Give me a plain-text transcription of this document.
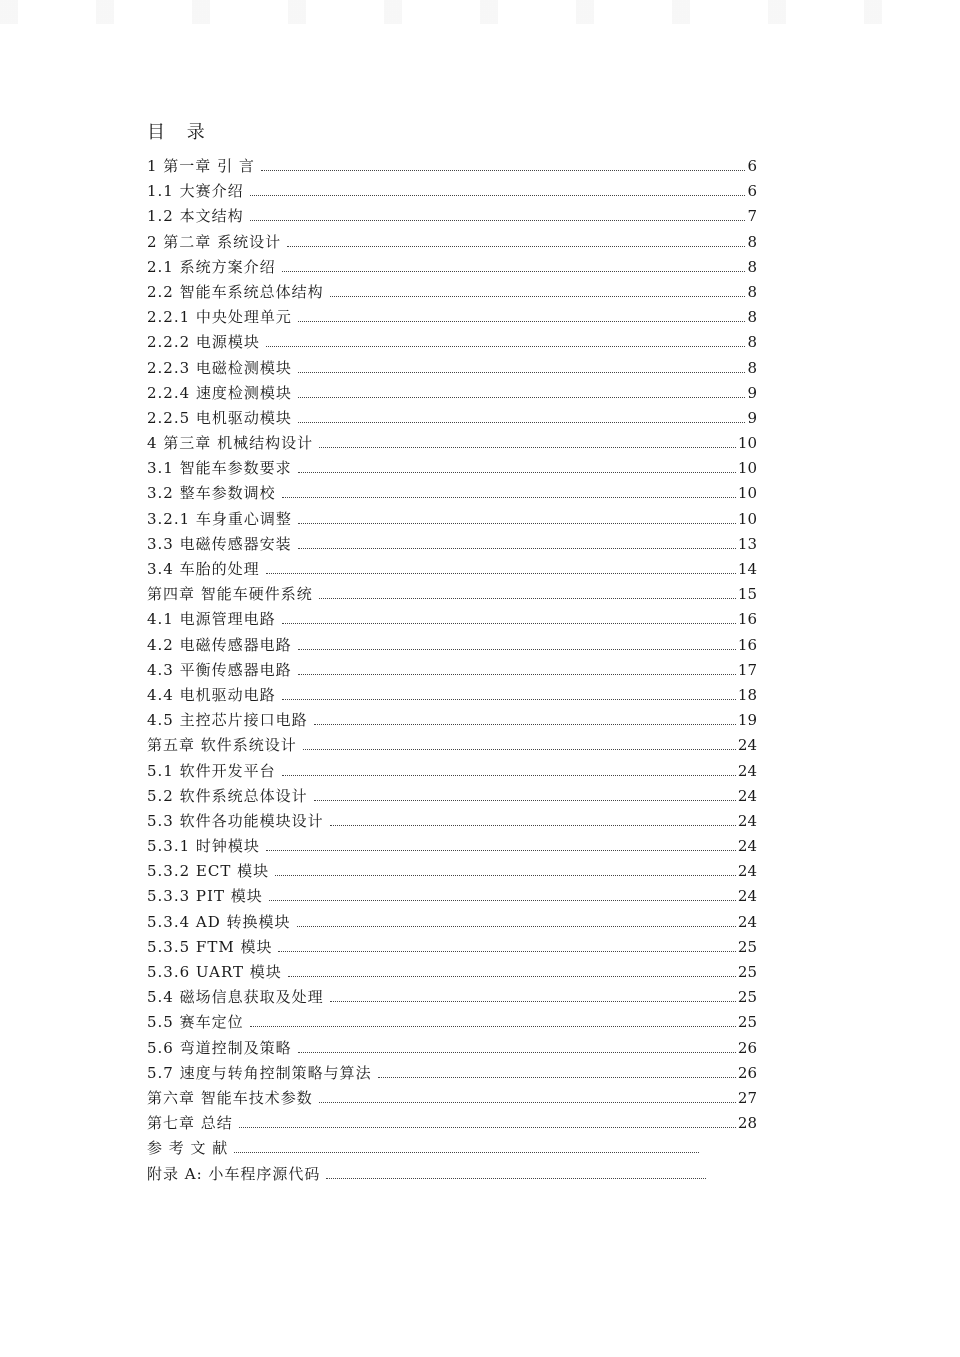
目 录
1 第一章 引 言	6
1.1 大赛介绍	6
1.2 本文结构	7
2 第二章 系统设计	8
2.1 系统方案介绍	8
2.2 智能车系统总体结构	8
2.2.1 中央处理单元	8
2.2.2 电源模块	8
2.2.3 电磁检测模块	8
2.2.4 速度检测模块	9
2.2.5 电机驱动模块	9
4 第三章 机械结构设计	10
3.1 智能车参数要求	10
3.2 整车参数调校	10
3.2.1 车身重心调整	10
3.3 电磁传感器安装	13
3.4 车胎的处理	14
第四章 智能车硬件系统	15
4.1 电源管理电路	16
4.2 电磁传感器电路	16
4.3 平衡传感器电路	17
4.4 电机驱动电路	18
4.5 主控芯片接口电路	19
第五章 软件系统设计	24
5.1 软件开发平台	24
5.2 软件系统总体设计	24
5.3 软件各功能模块设计	24
5.3.1 时钟模块	24
5.3.2 ECT 模块	24
5.3.3 PIT 模块	24
5.3.4 AD 转换模块	24
5.3.5 FTM 模块	25
5.3.6 UART 模块	25
5.4 磁场信息获取及处理	25
5.5 赛车定位	25
5.6 弯道控制及策略	26
5.7 速度与转角控制策略与算法	26
第六章 智能车技术参数	27
第七章 总结	28
参 考 文 献
附录 A: 小车程序源代码
